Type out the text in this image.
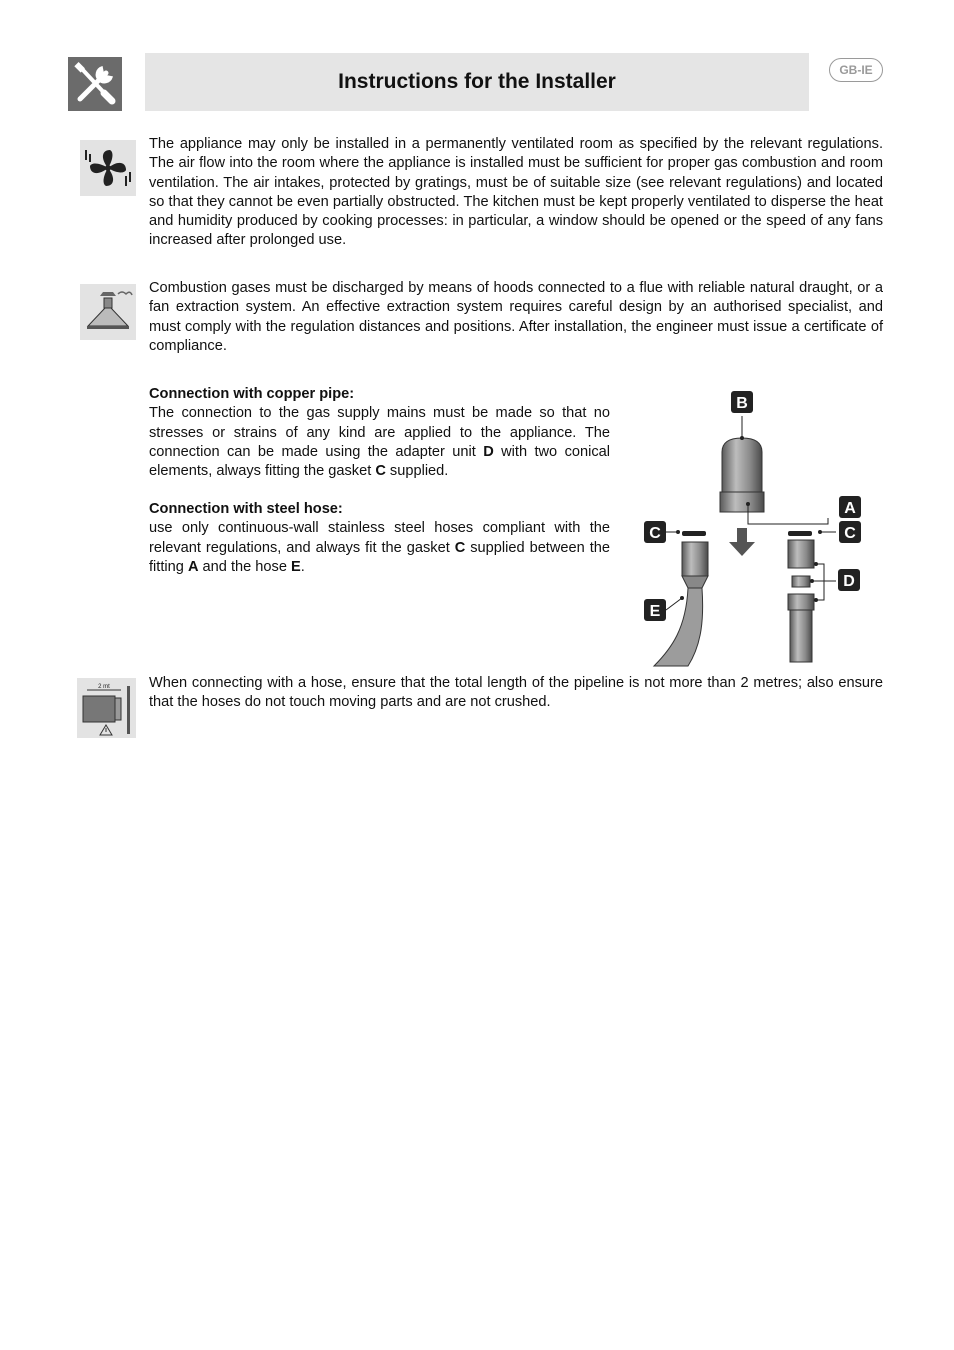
Instructions for the Installer	GB-IE

The appliance may only be installed in a permanently ventilated room as specified by the relevant regulations. The air flow into the room where the appliance is installed must be sufficient for proper gas combustion and room ventilation. The air intakes, protected by gratings, must be of suitable size (see relevant regulations) and located so that they cannot be even partially obstructed. The kitchen must be kept properly ventilated to disperse the heat and humidity produced by cooking processes: in particular, a window should be opened or the speed of any fans increased after prolonged use.

Combustion gases must be discharged by means of hoods connected to a flue with reliable natural draught, or a fan extraction system. An effective extraction system requires careful design by an authorised specialist, and must comply with the regulation distances and positions. After installation, the engineer must issue a certificate of compliance.

Connection with copper pipe:

The connection to the gas supply mains must be made so that no stresses or strains of any kind are applied to the appliance. The connection can be made using the adapter unit D with two conical elements, always fitting the gasket C supplied.

Connection with steel hose:

use only continuous-wall stainless steel hoses compliant with the relevant regulations, and always fit the gasket C supplied between the fitting A and the hose E.

B
A
C	C
D
E
2 mt	When connecting with a hose, ensure that the total length of the pipeline is not more than 2 metres; also ensure that the hoses do not touch moving parts and are not crushed.
